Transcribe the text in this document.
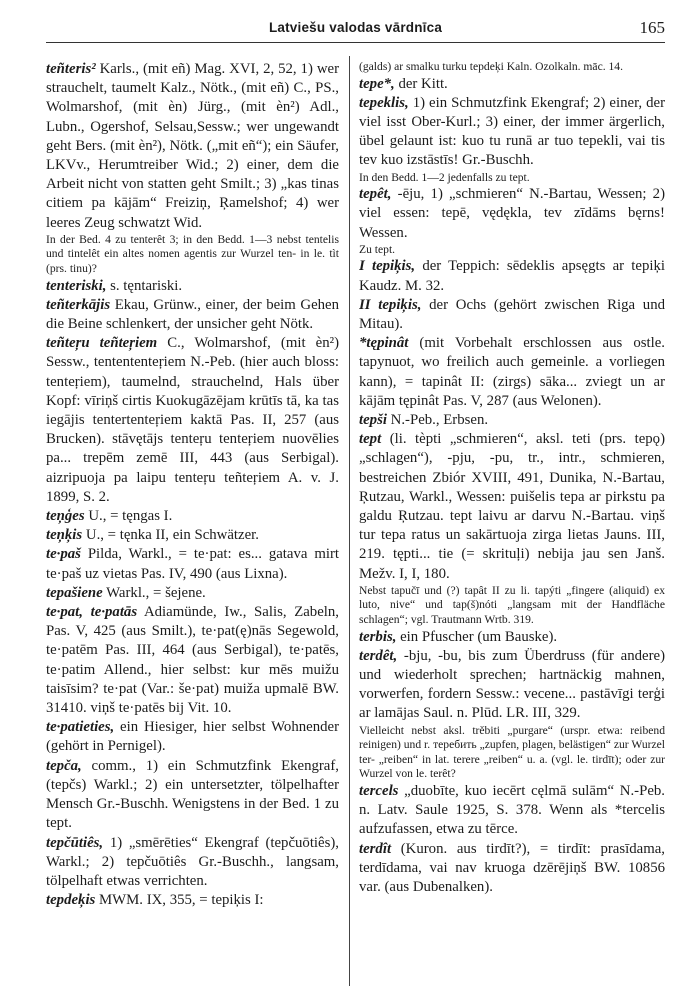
Latviešu valodas vārdnīca	165

teñteris² Karls., (mit eñ) Mag. XVI, 2, 52, 1) wer strauchelt, taumelt Kalz., Nötk., (mit eñ) C., PS., Wolmarshof, (mit èn) Jürg., (mit èn²) Adl., Lubn., Ogershof, Selsau,Sessw.; wer ungewandt geht Bers. (mit èn²), Nötk. („mit eñ“); ein Säufer, LKVv., Herumtreiber Wid.; 2) einer, dem die Arbeit nicht von statten geht Smilt.; 3) „kas tinas citiem pa kājām“ Freiziņ, Ŗamelshof; 4) wer leeres Zeug schwatzt Wid.

In der Bed. 4 zu tenterêt 3; in den Bedd. 1—3 nebst tentelis und tintelêt ein altes nomen agentis zur Wurzel ten- in le. tìt (prs. tinu)?

tenteriski, s. tęntariski.

teñterkājis Ekau, Grünw., einer, der beim Gehen die Beine schlenkert, der unsicher geht Nötk.

teñteŗu teñteŗiem C., Wolmarshof, (mit èn²) Sessw., tentententeŗiem N.-Peb. (hier auch bloss: tenteŗiem), taumelnd, strauchelnd, Hals über Kopf: vīriņš cirtis Kuokugāzējam krūtīs tā, ka tas iegājis tentertenteŗiem kaktā Pas. II, 257 (aus Brucken). stāvętājs tenteŗu tenteŗiem nuovēlies pa... trepēm zemē III, 443 (aus Serbigal). aizripuoja pa laipu tenteŗu teñteŗiem A. v. J. 1899, S. 2.

teņģes U., = tęngas I.

teņķis U., = tęnka II, ein Schwätzer.

te·paš Pilda, Warkl., = te·pat: es... gatava mirt te·paš uz vietas Pas. IV, 490 (aus Lixna).

tepašiene Warkl., = šejene.

te·pat, te·patās Adiamünde, Iw., Salis, Zabeln, Pas. V, 425 (aus Smilt.), te·pat(ę)nās Segewold, te·patēm Pas. III, 464 (aus Serbigal), te·patēs, te·patim Allend., hier selbst: kur mēs muižu taisīsim? te·pat (Var.: še·pat) muiža upmalē BW. 31410. viņš te·patēs bij Vit. 10.

te·patieties, ein Hiesiger, hier selbst Wohnender (gehört in Pernigel).

tepča, comm., 1) ein Schmutzfink Ekengraf, (tepčs) Warkl.; 2) ein untersetzter, tölpelhafter Mensch Gr.-Buschh. Wenigstens in der Bed. 1 zu tept.

tepčūtiês, 1) „smērēties“ Ekengraf (tepčuōtiês), Warkl.; 2) tepčuōtiês Gr.-Buschh., langsam, tölpelhaft etwas verrichten.

tepdeķis MWM. IX, 355, = tepiķis I:

(galds) ar smalku turku tepdeķi Kaln. Ozolkaln. māc. 14.

tepe*, der Kitt.

tepeklis, 1) ein Schmutzfink Ekengraf; 2) einer, der viel isst Ober-Kurl.; 3) einer, der immer ärgerlich, übel gelaunt ist: kuo tu runā ar tuo tepekli, vai tis tev kuo izstāstīs! Gr.-Buschh.

In den Bedd. 1—2 jedenfalls zu tept.

tepêt, -ēju, 1) „schmieren“ N.-Bartau, Wessen; 2) viel essen: tepē, vędękla, tev zīdāms bęrns! Wessen.

Zu tept.

I tepiķis, der Teppich: sēdeklis apsęgts ar tepiķi Kaudz. M. 32.

II tepiķis, der Ochs (gehört zwischen Riga und Mitau).

*tępinât (mit Vorbehalt erschlossen aus ostle. tapynuot, wo freilich auch gemeinle. a vorliegen kann), = tapinât II: (zirgs) sāka... zviegt un ar kājām tępinât Pas. V, 287 (aus Welonen).

tepši N.-Peb., Erbsen.

tept (li. tèpti „schmieren“, aksl. teti (prs. tepǫ) „schlagen“), -pju, -pu, tr., intr., schmieren, bestreichen Zbiór XVIII, 491, Dunika, N.-Bartau, Ŗutzau, Warkl., Wessen: puišelis tepa ar pirkstu pa galdu Ŗutzau. tept laivu ar darvu N.-Bartau. viņš tur tepa ratus un sakārtuoja zirga lietas Jauns. III, 219. tępti... tie (= skrituļi) nebija jau sen Janš. Mežv. I, I, 180.

Nebst tapučī und (?) tapât II zu li. tapýti „fingere (aliquid) ex luto, nive“ und tap(š)nóti „langsam mit der Handfläche schlagen“; vgl. Trautmann Wrtb. 319.

terbis, ein Pfuscher (um Bauske).

terdêt, -bju, -bu, bis zum Überdruss (für andere) und wiederholt sprechen; hartnäckig mahnen, vorwerfen, fordern Sessw.: vecene... pastāvīgi terģi ar lamājas Saul. n. Plūd. LR. III, 329.

Vielleicht nebst aksl. trěbiti „purgare“ (urspr. etwa: reibend reinigen) und r. теребить „zupfen, plagen, belästigen“ zur Wurzel ter- „reiben“ in lat. terere „reiben“ u. a. (vgl. le. tirdīt); oder zur Wurzel von le. terêt?

tercels „duobīte, kuo iecērt cęlmā sulām“ N.-Peb. n. Latv. Saule 1925, S. 378. Wenn als *tercelis aufzufassen, etwa zu tērce.

terdît (Kuron. aus tirdīt?), = tirdīt: prasīdama, terdīdama, vai nav kruoga dzērējiņš BW. 10856 var. (aus Dubenalken).
